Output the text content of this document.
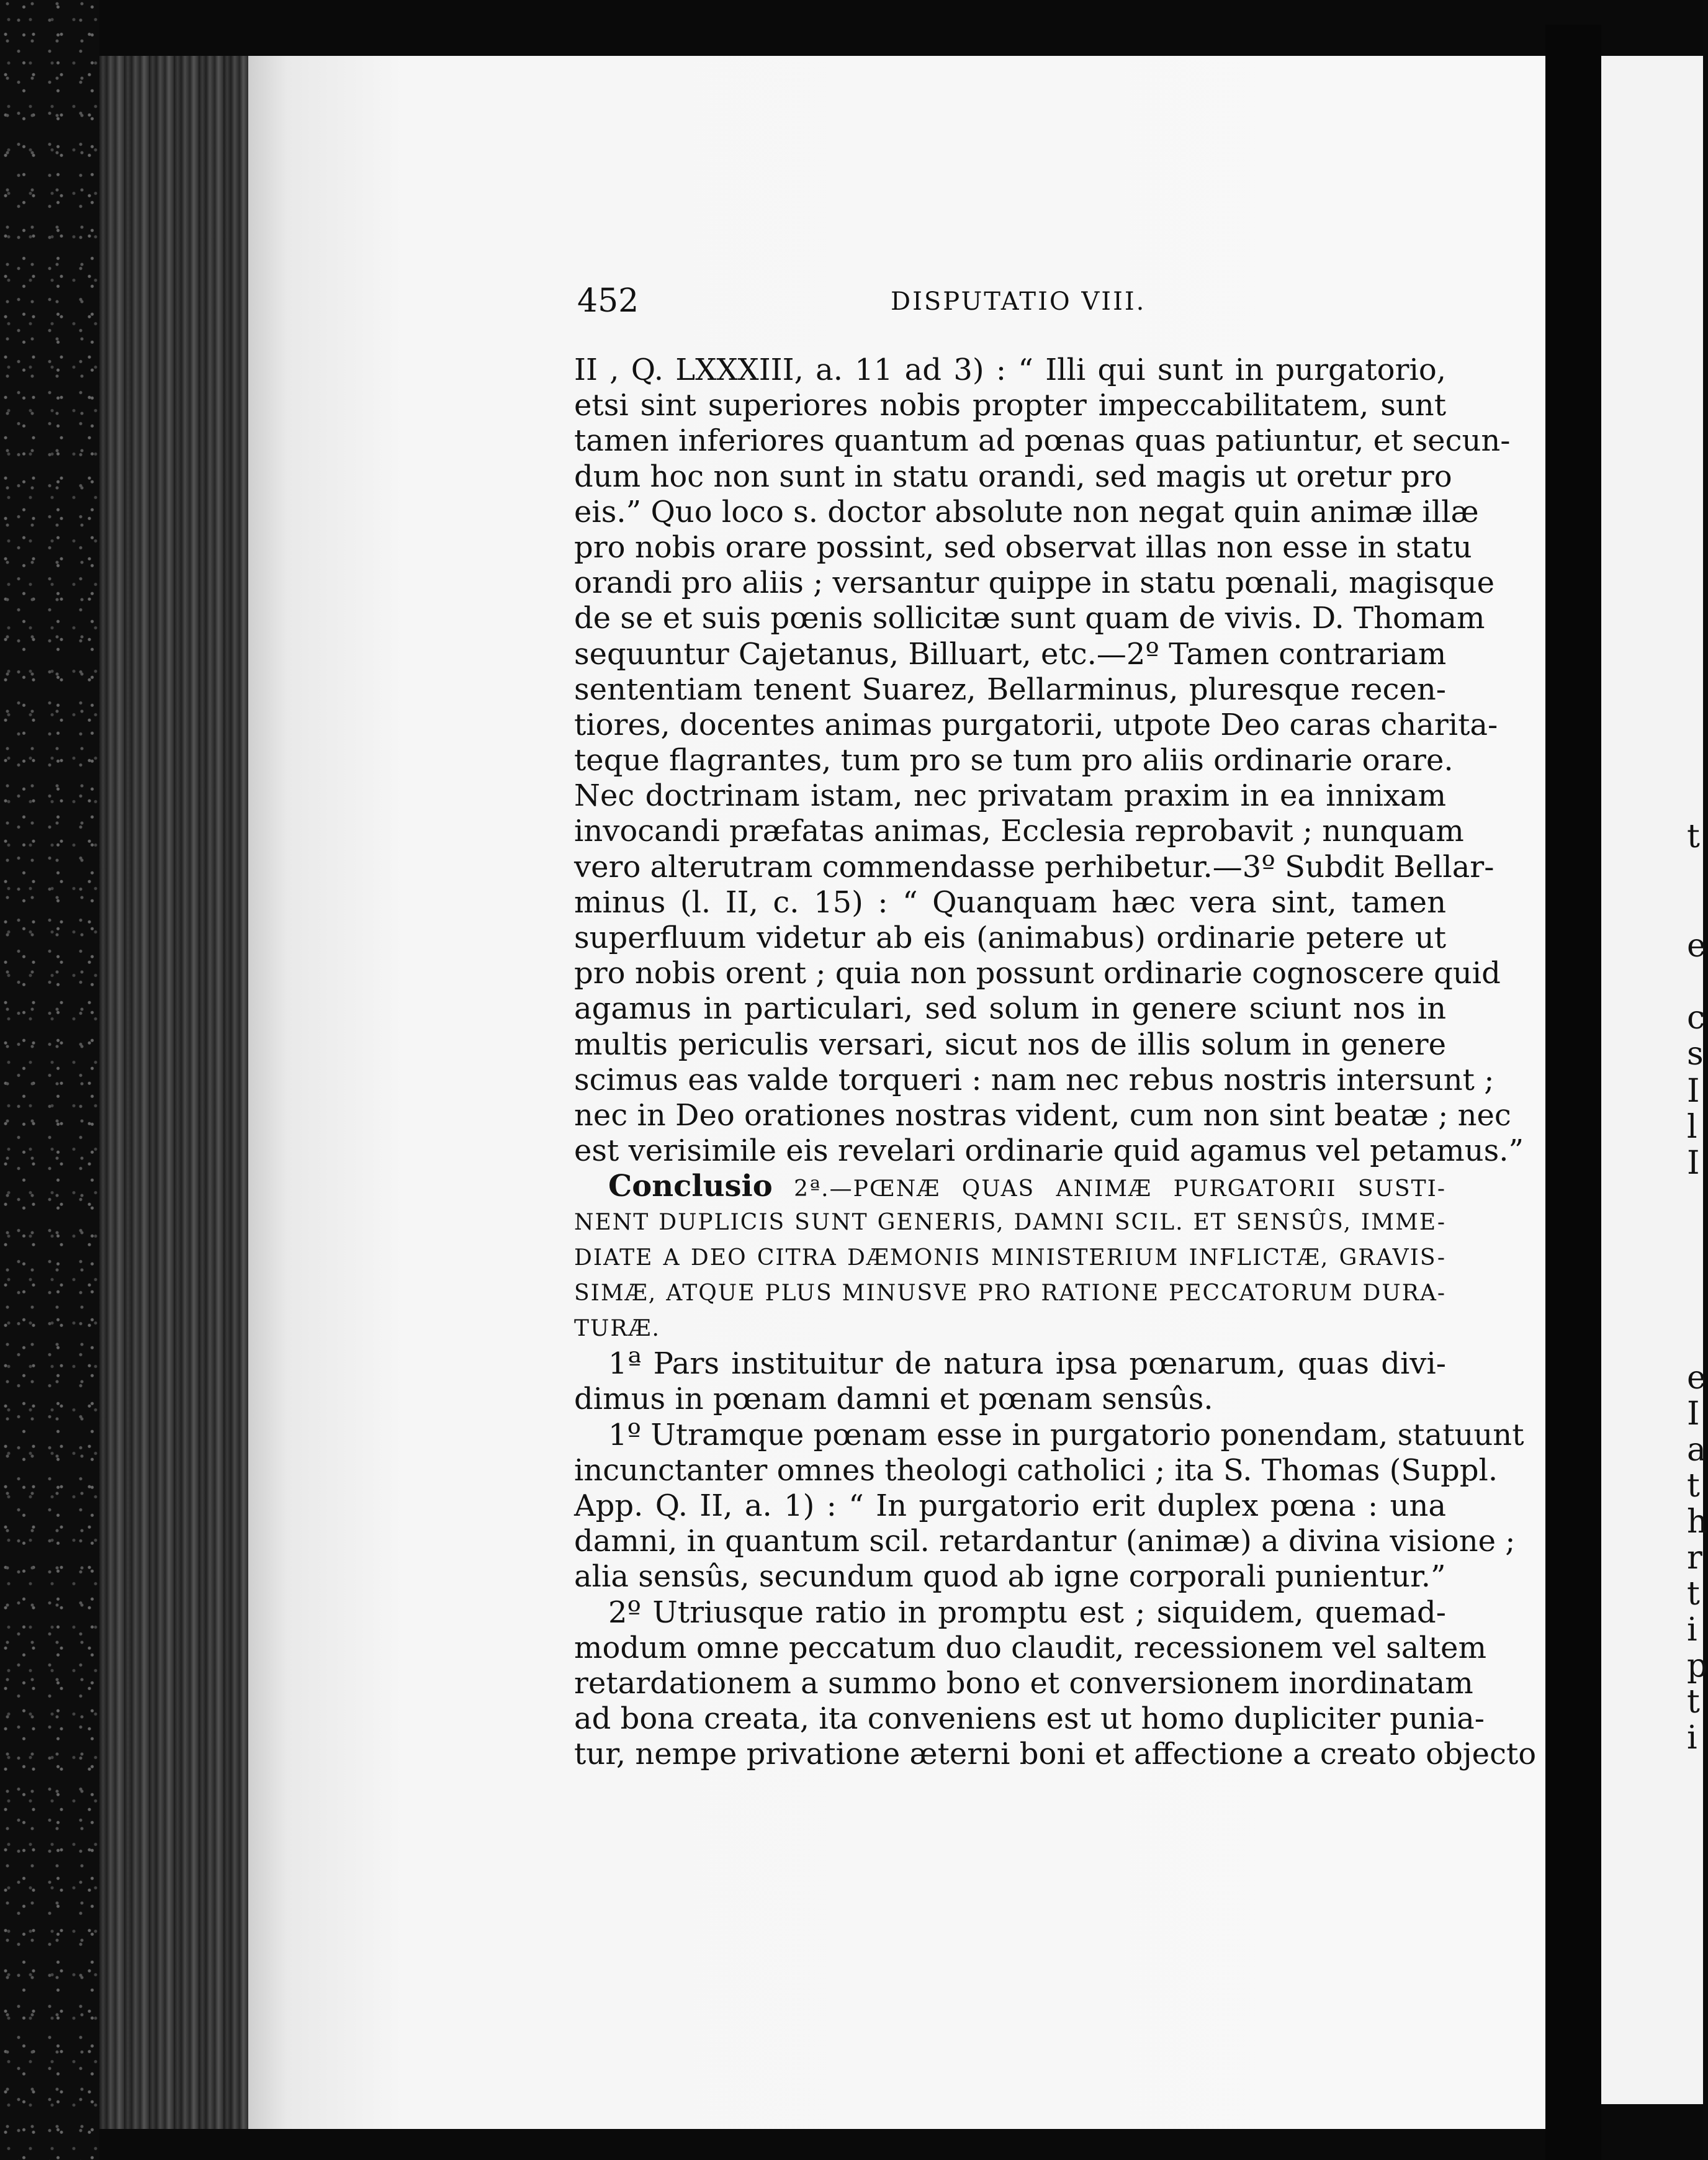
t
e
c
s
I
l
I
e
I
a
t
h
r
t
i
p
t
i
452	DISPUTATIO VIII.
II , Q. LXXXIII, a. 11 ad 3) : “ Illi qui sunt in purgatorio,
etsi sint superiores nobis propter impeccabilitatem, sunt
tamen inferiores quantum ad pœnas quas patiuntur, et secun-
dum hoc non sunt in statu orandi, sed magis ut oretur pro
eis.” Quo loco s. doctor absolute non negat quin animæ illæ
pro nobis orare possint, sed observat illas non esse in statu
orandi pro aliis ; versantur quippe in statu pœnali, magisque
de se et suis pœnis sollicitæ sunt quam de vivis. D. Thomam
sequuntur Cajetanus, Billuart, etc.—2º Tamen contrariam
sententiam tenent Suarez, Bellarminus, pluresque recen-
tiores, docentes animas purgatorii, utpote Deo caras charita-
teque flagrantes, tum pro se tum pro aliis ordinarie orare.
Nec doctrinam istam, nec privatam praxim in ea innixam
invocandi præfatas animas, Ecclesia reprobavit ; nunquam
vero alterutram commendasse perhibetur.—3º Subdit Bellar-
minus (l. II, c. 15) : “ Quanquam hæc vera sint, tamen
superfluum videtur ab eis (animabus) ordinarie petere ut
pro nobis orent ; quia non possunt ordinarie cognoscere quid
agamus in particulari, sed solum in genere sciunt nos in
multis periculis versari, sicut nos de illis solum in genere
scimus eas valde torqueri : nam nec rebus nostris intersunt ;
nec in Deo orationes nostras vident, cum non sint beatæ ; nec
est verisimile eis revelari ordinarie quid agamus vel petamus.”
Conclusio 2ª.—PŒNÆ QUAS ANIMÆ PURGATORII SUSTI-
NENT DUPLICIS SUNT GENERIS, DAMNI SCIL. ET SENSÛS, IMME-
DIATE A DEO CITRA DÆMONIS MINISTERIUM INFLICTÆ, GRAVIS-
SIMÆ, ATQUE PLUS MINUSVE PRO RATIONE PECCATORUM DURA-
TURÆ.
1ª Pars instituitur de natura ipsa pœnarum, quas divi-
dimus in pœnam damni et pœnam sensûs.
1º Utramque pœnam esse in purgatorio ponendam, statuunt
incunctanter omnes theologi catholici ; ita S. Thomas (Suppl.
App. Q. II, a. 1) : “ In purgatorio erit duplex pœna : una
damni, in quantum scil. retardantur (animæ) a divina visione ;
alia sensûs, secundum quod ab igne corporali punientur.”
2º Utriusque ratio in promptu est ; siquidem, quemad-
modum omne peccatum duo claudit, recessionem vel saltem
retardationem a summo bono et conversionem inordinatam
ad bona creata, ita conveniens est ut homo dupliciter punia-
tur, nempe privatione æterni boni et affectione a creato objecto
